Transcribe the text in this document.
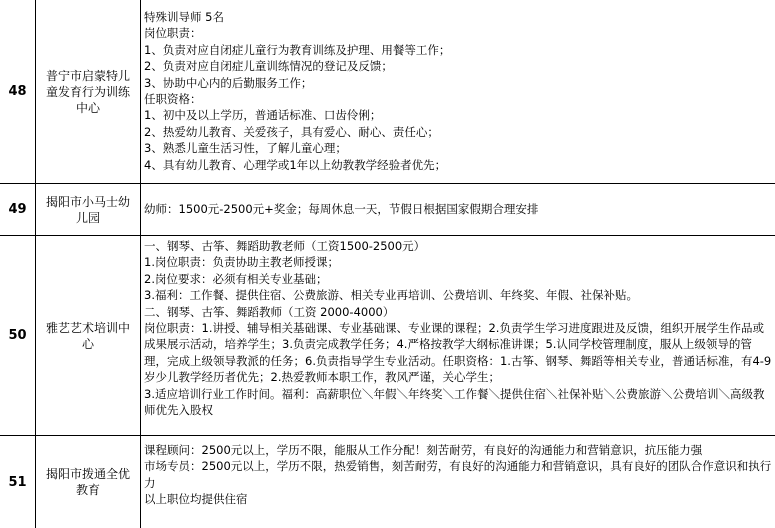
48
普宁市启蒙特儿童发育行为训练中心
特殊训导师 5名
岗位职责：
1、负责对应自闭症儿童行为教育训练及护理、用餐等工作；
2、负责对应自闭症儿童训练情况的登记及反馈；
3、协助中心内的后勤服务工作；
任职资格：
1、初中及以上学历，普通话标准、口齿伶俐；
2、热爱幼儿教育、关爱孩子，具有爱心、耐心、责任心；
3、熟悉儿童生活习性，了解儿童心理；
4、具有幼儿教育、心理学或1年以上幼教教学经验者优先；
49
揭阳市小马士幼儿园
幼师：1500元-2500元+奖金；每周休息一天，节假日根据国家假期合理安排
50
雅艺艺术培训中心
一、钢琴、古筝、舞蹈助教老师（工资1500-2500元）
1.岗位职责：负责协助主教老师授课；
2.岗位要求：必须有相关专业基础；
3.福利：工作餐、提供住宿、公费旅游、相关专业再培训、公费培训、年终奖、年假、社保补贴。
二、钢琴、古筝、舞蹈教师（工资 2000-4000）
岗位职责：1.讲授、辅导相关基础课、专业基础课、专业课的课程；2.负责学生学习进度跟进及反馈，组织开展学生作品或成果展示活动，培养学生；3.负责完成教学任务；4.严格按教学大纲标准讲课；5.认同学校管理制度，服从上级领导的管理，完成上级领导教派的任务；6.负责指导学生专业活动。任职资格：1.古筝、钢琴、舞蹈等相关专业，普通话标准，有4-9岁少儿教学经历者优先；2.热爱教师本职工作，教风严谨，关心学生；
3.适应培训行业工作时间。福利：高薪职位＼年假＼年终奖＼工作餐＼提供住宿＼社保补贴＼公费旅游＼公费培训＼高级教师优先入股权
51
揭阳市拨通全优教育
课程顾问：2500元以上，学历不限，能服从工作分配！刻苦耐劳，有良好的沟通能力和营销意识，抗压能力强
市场专员：2500元以上，学历不限，热爱销售，刻苦耐劳，有良好的沟通能力和营销意识，具有良好的团队合作意识和执行力
以上职位均提供住宿
